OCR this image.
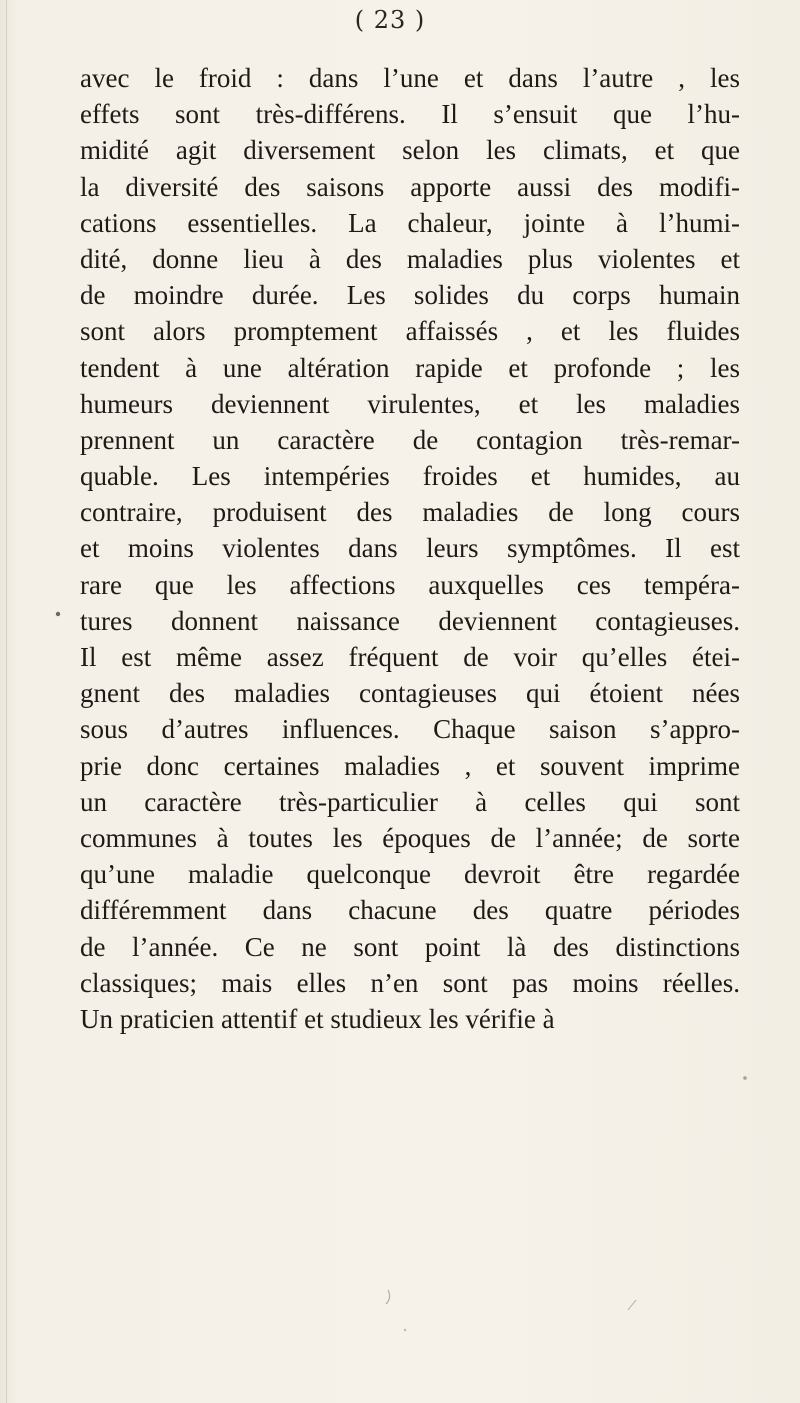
( 23 )
avec le froid : dans l’une et dans l’autre , les
effets sont très-différens. Il s’ensuit que l’hu-
midité agit diversement selon les climats, et que
la diversité des saisons apporte aussi des modifi-
cations essentielles. La chaleur, jointe à l’humi-
dité, donne lieu à des maladies plus violentes et
de moindre durée. Les solides du corps humain
sont alors promptement affaissés , et les fluides
tendent à une altération rapide et profonde ; les
humeurs deviennent virulentes, et les maladies
prennent un caractère de contagion très-remar-
quable. Les intempéries froides et humides, au
contraire, produisent des maladies de long cours
et moins violentes dans leurs symptômes. Il est
rare que les affections auxquelles ces tempéra-
tures donnent naissance deviennent contagieuses.
Il est même assez fréquent de voir qu’elles étei-
gnent des maladies contagieuses qui étoient nées
sous d’autres influences. Chaque saison s’appro-
prie donc certaines maladies , et souvent imprime
un caractère très-particulier à celles qui sont
communes à toutes les époques de l’année; de sorte
qu’une maladie quelconque devroit être regardée
différemment dans chacune des quatre périodes
de l’année. Ce ne sont point là des distinctions
classiques; mais elles n’en sont pas moins réelles.
Un praticien attentif et studieux les vérifie à
